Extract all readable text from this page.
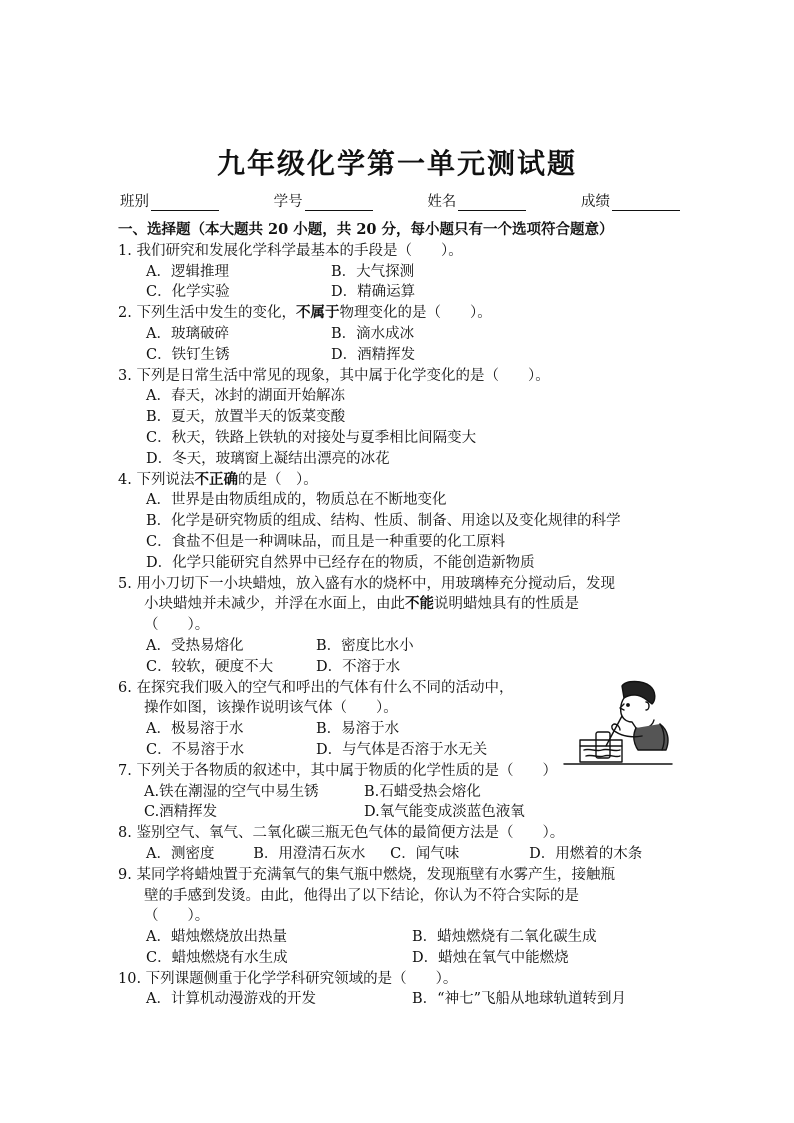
九年级化学第一单元测试题
班别	学号	姓名	成绩
一、选择题（本大题共 20 小题，共 20 分，每小题只有一个选项符合题意）
1. 我们研究和发展化学科学最基本的手段是（　　）。
A．逻辑推理	B．大气探测
C．化学实验	D．精确运算
2. 下列生活中发生的变化，不属于物理变化的是（　　）。
A．玻璃破碎	B．滴水成冰
C．铁钉生锈	D．酒精挥发
3. 下列是日常生活中常见的现象，其中属于化学变化的是（　　）。
A．春天，冰封的湖面开始解冻
B．夏天，放置半天的饭菜变酸
C．秋天，铁路上铁轨的对接处与夏季相比间隔变大
D．冬天，玻璃窗上凝结出漂亮的冰花
4. 下列说法不正确的是（　）。
A．世界是由物质组成的，物质总在不断地变化
B．化学是研究物质的组成、结构、性质、制备、用途以及变化规律的科学
C．食盐不但是一种调味品，而且是一种重要的化工原料
D．化学只能研究自然界中已经存在的物质，不能创造新物质
5. 用小刀切下一小块蜡烛，放入盛有水的烧杯中，用玻璃棒充分搅动后，发现
小块蜡烛并未减少，并浮在水面上，由此不能说明蜡烛具有的性质是
（　　）。
A．受热易熔化	B．密度比水小
C．较软，硬度不大	D．不溶于水
6. 在探究我们吸入的空气和呼出的气体有什么不同的活动中，
操作如图，该操作说明该气体（　　）。
A．极易溶于水	B．易溶于水
C．不易溶于水	D．与气体是否溶于水无关
7. 下列关于各物质的叙述中，其中属于物质的化学性质的是（　　）
A.铁在潮湿的空气中易生锈	B.石蜡受热会熔化
C.酒精挥发	D.氧气能变成淡蓝色液氧
8. 鉴别空气、氧气、二氧化碳三瓶无色气体的最简便方法是（　　）。
A．测密度	B．用澄清石灰水	C．闻气味	D．用燃着的木条
9. 某同学将蜡烛置于充满氧气的集气瓶中燃烧，发现瓶壁有水雾产生，接触瓶
壁的手感到发烫。由此，他得出了以下结论，你认为不符合实际的是
（　　）。
A．蜡烛燃烧放出热量	B．蜡烛燃烧有二氧化碳生成
C．蜡烛燃烧有水生成	D．蜡烛在氧气中能燃烧
10. 下列课题侧重于化学学科研究领域的是（　　）。
A．计算机动漫游戏的开发	B．“神七”飞船从地球轨道转到月
